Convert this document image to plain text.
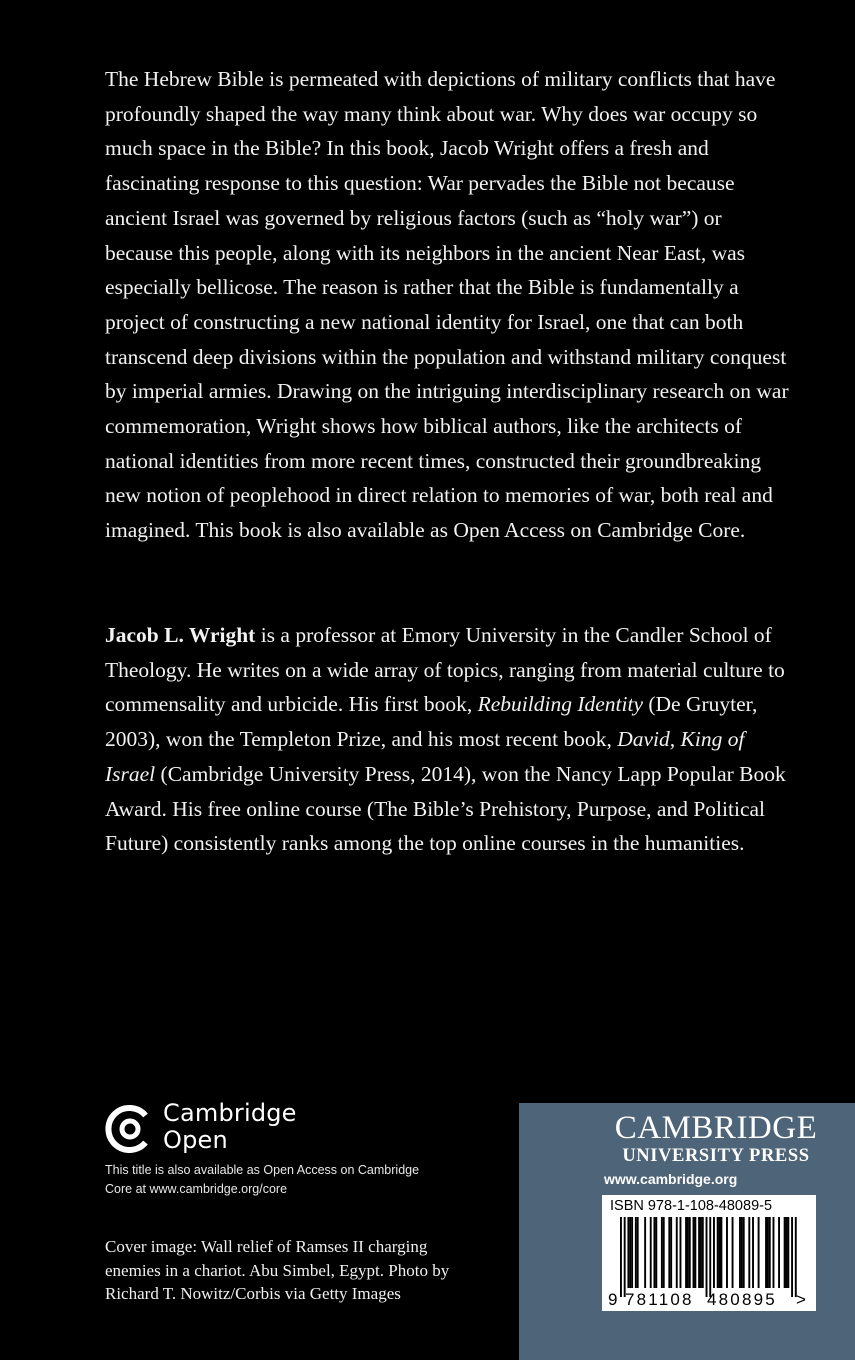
The Hebrew Bible is permeated with depictions of military conflicts that have profoundly shaped the way many think about war. Why does war occupy so much space in the Bible? In this book, Jacob Wright offers a fresh and fascinating response to this question: War pervades the Bible not because ancient Israel was governed by religious factors (such as “holy war”) or because this people, along with its neighbors in the ancient Near East, was especially bellicose. The reason is rather that the Bible is fundamentally a project of constructing a new national identity for Israel, one that can both transcend deep divisions within the population and withstand military conquest by imperial armies. Drawing on the intriguing interdisciplinary research on war commemoration, Wright shows how biblical authors, like the architects of national identities from more recent times, constructed their groundbreaking new notion of peoplehood in direct relation to memories of war, both real and imagined. This book is also available as Open Access on Cambridge Core.

Jacob L. Wright is a professor at Emory University in the Candler School of Theology. He writes on a wide array of topics, ranging from material culture to commensality and urbicide. His first book, Rebuilding Identity (De Gruyter, 2003), won the Templeton Prize, and his most recent book, David, King of Israel (Cambridge University Press, 2014), won the Nancy Lapp Popular Book Award. His free online course (The Bible’s Prehistory, Purpose, and Political Future) consistently ranks among the top online courses in the humanities.

Cambridge
Open

This title is also available as Open Access on Cambridge Core at www.cambridge.org/core

Cover image: Wall relief of Ramses II charging enemies in a chariot. Abu Simbel, Egypt. Photo by Richard T. Nowitz/Corbis via Getty Images

CAMBRIDGE
UNIVERSITY PRESS
www.cambridge.org
ISBN 978-1-108-48089-5
9 781108 480895 >
